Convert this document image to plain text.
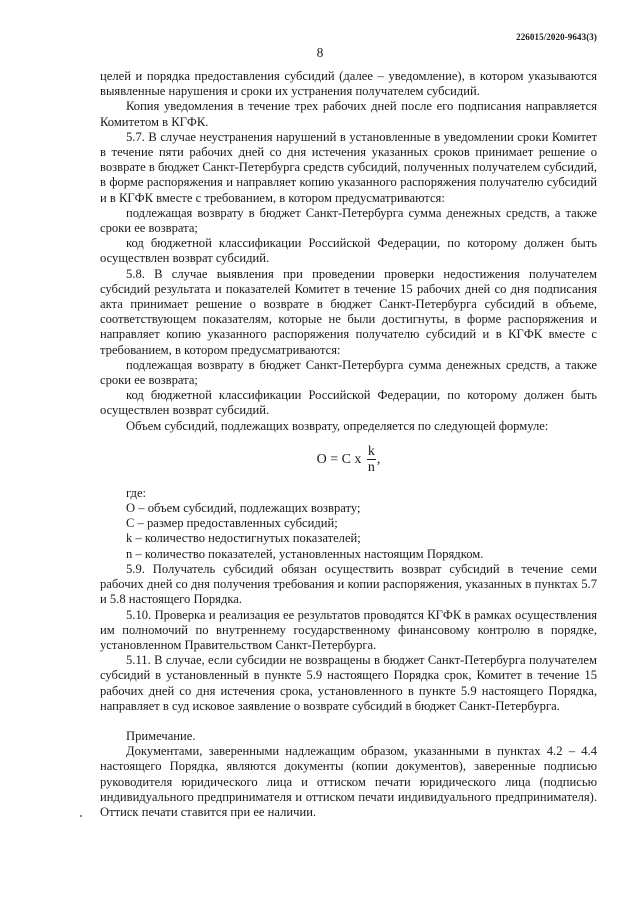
226015/2020-9643(3)
8

целей и порядка предоставления субсидий (далее – уведомление), в котором указываются выявленные нарушения и сроки их устранения получателем субсидий.

Копия уведомления в течение трех рабочих дней после его подписания направляется Комитетом в КГФК.

5.7. В случае неустранения нарушений в установленные в уведомлении сроки Комитет в течение пяти рабочих дней со дня истечения указанных сроков принимает решение о возврате в бюджет Санкт-Петербурга средств субсидий, полученных получателем субсидий, в форме распоряжения и направляет копию указанного распоряжения получателю субсидий и в КГФК вместе с требованием, в котором предусматриваются:

подлежащая возврату в бюджет Санкт-Петербурга сумма денежных средств, а также сроки ее возврата;

код бюджетной классификации Российской Федерации, по которому должен быть осуществлен возврат субсидий.

5.8. В случае выявления при проведении проверки недостижения получателем субсидий результата и показателей Комитет в течение 15 рабочих дней со дня подписания акта принимает решение о возврате в бюджет Санкт-Петербурга субсидий в объеме, соответствующем показателям, которые не были достигнуты, в форме распоряжения и направляет копию указанного распоряжения получателю субсидий и в КГФК вместе с требованием, в котором предусматриваются:

подлежащая возврату в бюджет Санкт-Петербурга сумма денежных средств, а также сроки ее возврата;

код бюджетной классификации Российской Федерации, по которому должен быть осуществлен возврат субсидий.

Объем субсидий, подлежащих возврату, определяется по следующей формуле:

O = C x $\frac{k}{n}$ ,

где:

O – объем субсидий, подлежащих возврату;

C – размер предоставленных субсидий;

k – количество недостигнутых показателей;

n – количество показателей, установленных настоящим Порядком.

5.9. Получатель субсидий обязан осуществить возврат субсидий в течение семи рабочих дней со дня получения требования и копии распоряжения, указанных в пунктах 5.7 и 5.8 настоящего Порядка.

5.10. Проверка и реализация ее результатов проводятся КГФК в рамках осуществления им полномочий по внутреннему государственному финансовому контролю в порядке, установленном Правительством Санкт-Петербурга.

5.11. В случае, если субсидии не возвращены в бюджет Санкт-Петербурга получателем субсидий в установленный в пункте 5.9 настоящего Порядка срок, Комитет в течение 15 рабочих дней со дня истечения срока, установленного в пункте 5.9 настоящего Порядка, направляет в суд исковое заявление о возврате субсидий в бюджет Санкт-Петербурга.

Примечание.

Документами, заверенными надлежащим образом, указанными в пунктах 4.2 – 4.4 настоящего Порядка, являются документы (копии документов), заверенные подписью руководителя юридического лица и оттиском печати юридического лица (подписью индивидуального предпринимателя и оттиском печати индивидуального предпринимателя). Оттиск печати ставится при ее наличии.
